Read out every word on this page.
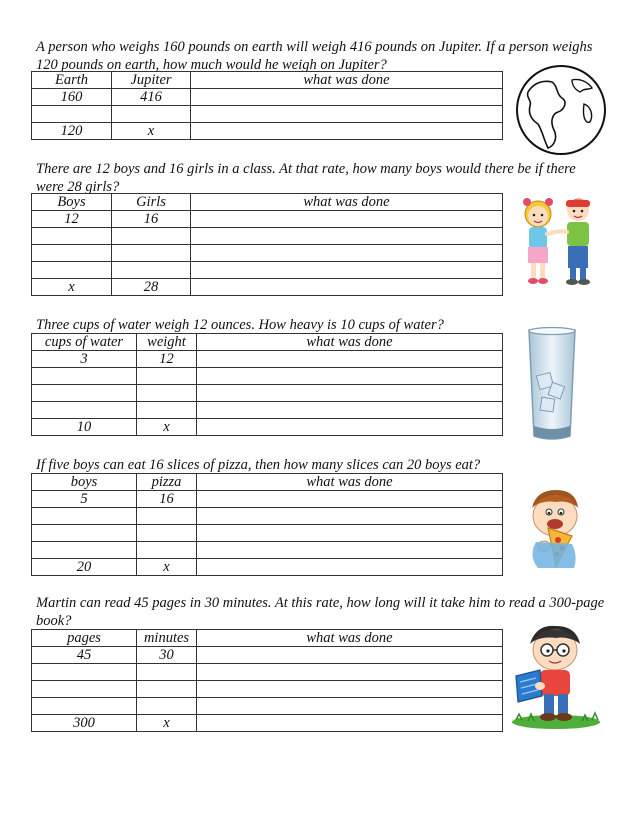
A person who weighs 160 pounds on earth will weigh 416 pounds on Jupiter. If a person weighs 120 pounds on earth, how much would he weigh on Jupiter?
Earth	Jupiter	what was done
160	416	

120	x	
There are 12 boys and 16 girls in a class. At that rate, how many boys would there be if there were 28 girls?
Boys	Girls	what was done
12	16	

x	28	
Three cups of water weigh 12 ounces. How heavy is 10 cups of water?
cups of water	weight	what was done
3	12	

10	x	
If five boys can eat 16 slices of pizza, then how many slices can 20 boys eat?
boys	pizza	what was done
5	16	

20	x	
Martin can read 45 pages in 30 minutes. At this rate, how long will it take him to read a 300-page book?
pages	minutes	what was done
45	30	

300	x	
